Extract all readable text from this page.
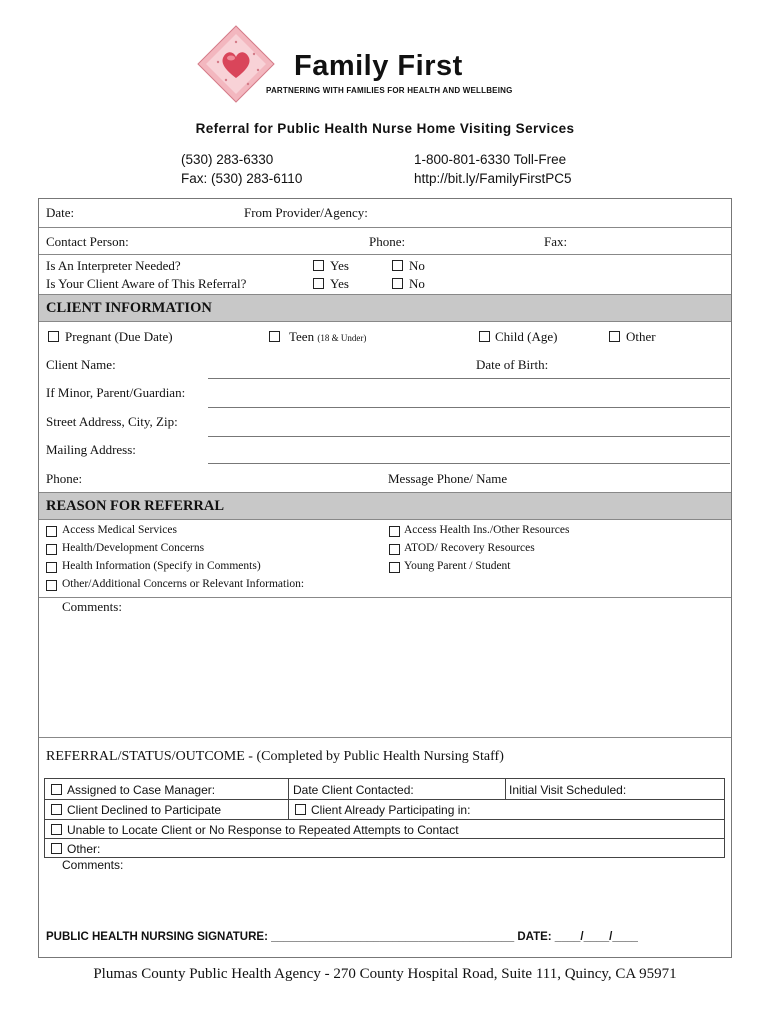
Family First
PARTNERING WITH FAMILIES FOR HEALTH AND WELLBEING
Referral for Public Health Nurse Home Visiting Services
(530) 283-6330
Fax: (530) 283-6110
1-800-801-6330 Toll-Free
http://bit.ly/FamilyFirstPC5
Date:	From Provider/Agency:
Contact Person:	Phone:	Fax:
Is An Interpreter Needed?	Yes	No
Is Your Client Aware of This Referral?	Yes	No
CLIENT INFORMATION
Pregnant (Due Date)	Teen (18 & Under)	Child (Age)	Other
Client Name:	Date of Birth:
If Minor, Parent/Guardian:
Street Address, City, Zip:
Mailing Address:
Phone:	Message Phone/ Name
REASON FOR REFERRAL
Access Medical Services
Health/Development Concerns
Health Information (Specify in Comments)
Other/Additional Concerns or Relevant Information:
Access Health Ins./Other Resources
ATOD/ Recovery Resources
Young Parent / Student
Comments:
REFERRAL/STATUS/OUTCOME - (Completed by Public Health Nursing Staff)
Assigned to Case Manager:	Date Client Contacted:	Initial Visit Scheduled:
Client Declined to Participate	Client Already Participating in:
Unable to Locate Client or No Response to Repeated Attempts to Contact
Other:
Comments:
PUBLIC HEALTH NURSING SIGNATURE: ______________________________________ DATE: ____/____/____
Plumas County Public Health Agency - 270 County Hospital Road, Suite 111, Quincy, CA 95971
